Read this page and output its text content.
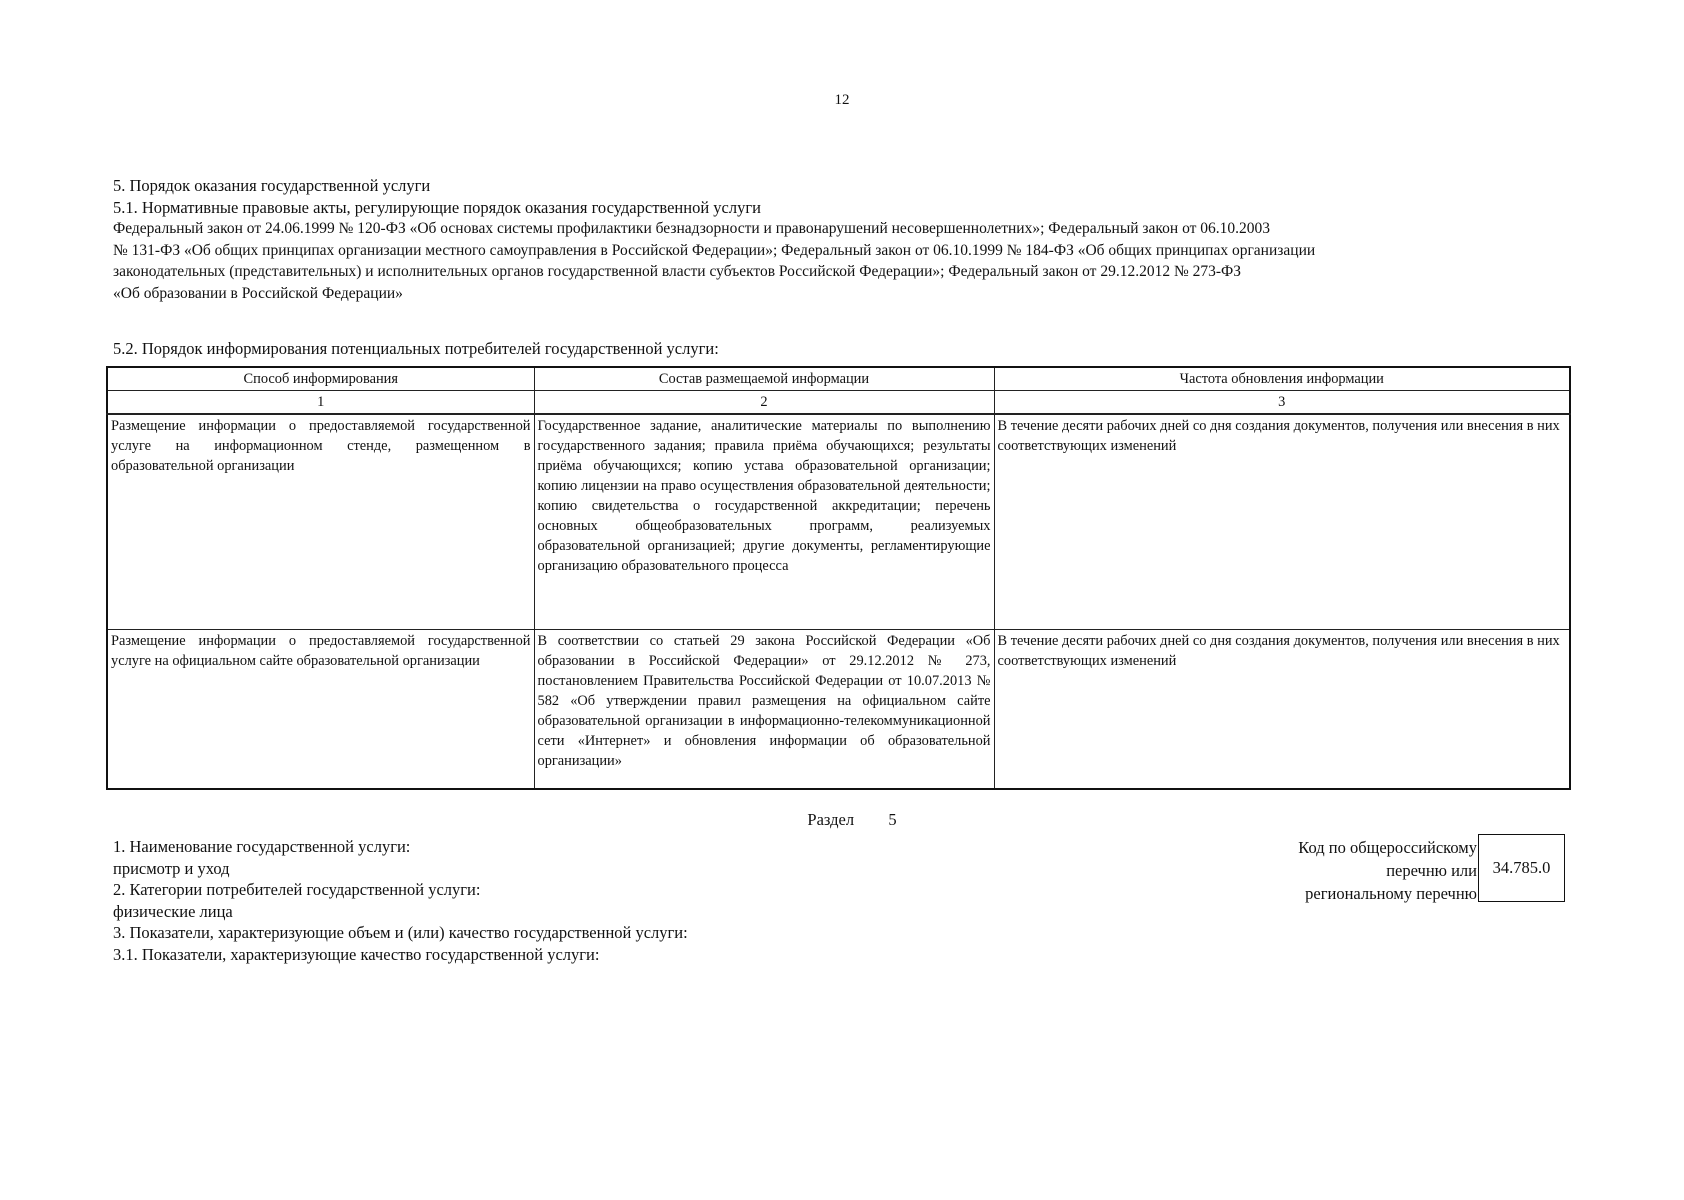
12
5. Порядок оказания государственной услуги
5.1. Нормативные правовые акты, регулирующие порядок оказания государственной услуги
Федеральный закон от 24.06.1999 № 120-ФЗ «Об основах системы профилактики безнадзорности и правонарушений несовершеннолетних»; Федеральный закон от 06.10.2003
№ 131-ФЗ «Об общих принципах организации местного самоуправления в Российской Федерации»; Федеральный закон от 06.10.1999 № 184-ФЗ «Об общих принципах организации
законодательных (представительных) и исполнительных органов государственной власти субъектов Российской Федерации»; Федеральный закон от 29.12.2012 № 273-ФЗ
«Об образовании в Российской Федерации»
5.2. Порядок информирования потенциальных потребителей государственной услуги:
Способ информирования	Состав размещаемой информации	Частота обновления информации
1	2	3
Размещение информации о предоставляемой государственной услуге на информационном стенде, размещенном в образовательной организации	Государственное задание, аналитические материалы по выполнению государственного задания; правила приёма обучающихся; результаты приёма обучающихся; копию устава образовательной организации; копию лицензии на право осуществления образовательной деятельности; копию свидетельства о государственной аккредитации; перечень основных общеобразовательных программ, реализуемых образовательной организацией; другие документы, регламентирующие организацию образовательного процесса	В течение десяти рабочих дней со дня создания документов, получения или внесения в них соответствующих изменений
Размещение информации о предоставляемой государственной услуге на официальном сайте образовательной организации	В соответствии со статьей 29 закона Российской Федерации «Об образовании в Российской Федерации» от 29.12.2012 № 273, постановлением Правительства Российской Федерации от 10.07.2013 № 582 «Об утверждении правил размещения на официальном сайте образовательной организации в информационно-телекоммуникационной сети «Интернет» и обновления информации об образовательной организации»	В течение десяти рабочих дней со дня создания документов, получения или внесения в них соответствующих изменений
Раздел 5
1. Наименование государственной услуги:
присмотр и уход
2. Категории потребителей государственной услуги:
физические лица
3. Показатели, характеризующие объем и (или) качество государственной услуги:
3.1. Показатели, характеризующие качество государственной услуги:
Код по общероссийскому
перечню или
региональному перечню
34.785.0
